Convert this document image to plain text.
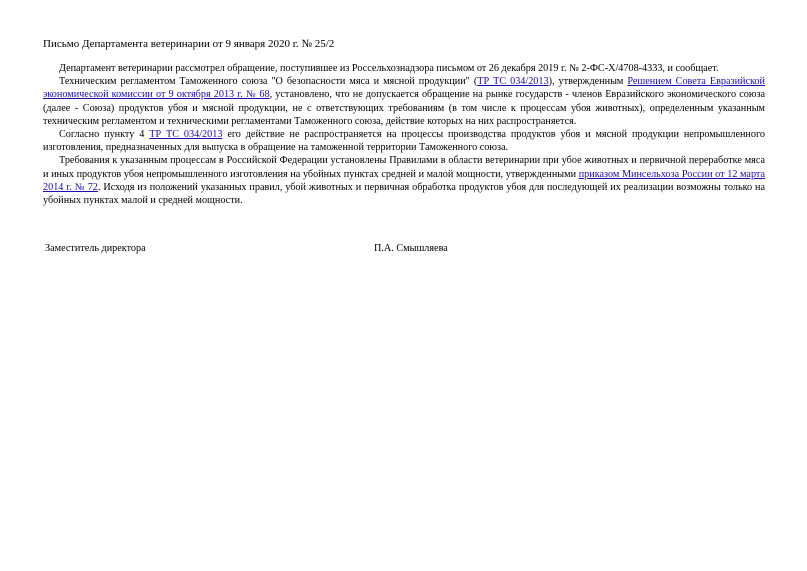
Письмо Департамента ветеринарии от 9 января 2020 г. № 25/2

Департамент ветеринарии рассмотрел обращение, поступившее из Россельхознадзора письмом от 26 декабря 2019 г. № 2-ФС-Х/4708-4333, и сообщает.

Техническим регламентом Таможенного союза "О безопасности мяса и мясной продукции" (ТР ТС 034/2013), утвержденным Решением Совета Евразийской экономической комиссии от 9 октября 2013 г. № 68, установлено, что не допускается обращение на рынке государств - членов Евразийского экономического союза (далее - Союза) продуктов убоя и мясной продукции, не с ответствующих требованиям (в том числе к процессам убоя животных), определенным указанным техническим регламентом и техническими регламентами Таможенного союза, действие которых на них распространяется.

Согласно пункту 4 ТР ТС 034/2013 его действие не распространяется на процессы производства продуктов убоя и мясной продукции непромышленного изготовления, предназначенных для выпуска в обращение на таможенной территории Таможенного союза.

Требования к указанным процессам в Российской Федерации установлены Правилами в области ветеринарии при убое животных и первичной переработке мяса и иных продуктов убоя непромышленного изготовления на убойных пунктах средней и малой мощности, утвержденными приказом Минсельхоза России от 12 марта 2014 г. № 72. Исходя из положений указанных правил, убой животных и первичная обработка продуктов убоя для последующей их реализации возможны только на убойных пунктах малой и средней мощности.

Заместитель директора	П.А. Смышляева
